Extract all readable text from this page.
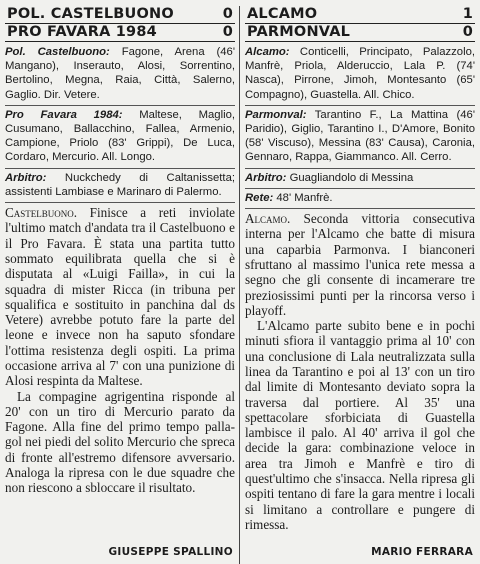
POL. CASTELBUONO	0
PRO FAVARA 1984	0

Pol. Castelbuono: Fagone, Arena (46' Mangano), Inserauto, Alosi, Sorrentino, Bertolino, Megna, Raia, Città, Salerno, Gaglio. Dir. Vetere.

Pro Favara 1984: Maltese, Maglio, Cusumano, Ballacchino, Fallea, Armenio, Campione, Priolo (83' Grippi), De Luca, Cordaro, Mercurio. All. Longo.

Arbitro: Nuckchedy di Caltanissetta; assistenti Lambiase e Marinaro di Palermo.

Castelbuono. Finisce a reti inviolate l'ultimo match d'andata tra il Castelbuono e il Pro Favara. È stata una partita tutto sommato equilibrata quella che si è disputata al «Luigi Failla», in cui la squadra di mister Ricca (in tribuna per squalifica e sostituito in panchina dal ds Vetere) avrebbe potuto fare la parte del leone e invece non ha saputo sfondare l'ottima resistenza degli ospiti. La prima occasione arriva al 7' con una punizione di Alosi respinta da Maltese.

La compagine agrigentina risponde al 20' con un tiro di Mercurio parato da Fagone. Alla fine del primo tempo palla-gol nei piedi del solito Mercurio che spreca di fronte all'estremo difensore avversario. Analoga la ripresa con le due squadre che non riescono a sbloccare il risultato.

GIUSEPPE SPALLINO
ALCAMO	1
PARMONVAL	0

Alcamo: Conticelli, Principato, Palazzolo, Manfrè, Priola, Alderuccio, Lala P. (74' Nasca), Pirrone, Jimoh, Montesanto (65' Compagno), Guastella. All. Chico.

Parmonval: Tarantino F., La Mattina (46' Paridio), Giglio, Tarantino I., D'Amore, Bonito (58' Viscuso), Messina (83' Causa), Caronia, Gennaro, Rappa, Giammanco. All. Cerro.

Arbitro: Guagliandolo di Messina

Rete: 48' Manfrè.

Alcamo. Seconda vittoria consecutiva interna per l'Alcamo che batte di misura una caparbia Parmonva. I bianconeri sfruttano al massimo l'unica rete messa a segno che gli consente di incamerare tre preziosissimi punti per la rincorsa verso i playoff.

L'Alcamo parte subito bene e in pochi minuti sfiora il vantaggio prima al 10' con una conclusione di Lala neutralizzata sulla linea da Tarantino e poi al 13' con un tiro dal limite di Montesanto deviato sopra la traversa dal portiere. Al 35' una spettacolare sforbiciata di Guastella lambisce il palo. Al 40' arriva il gol che decide la gara: combinazione veloce in area tra Jimoh e Manfrè e tiro di quest'ultimo che s'insacca. Nella ripresa gli ospiti tentano di fare la gara mentre i locali si limitano a controllare e pungere di rimessa.

MARIO FERRARA
